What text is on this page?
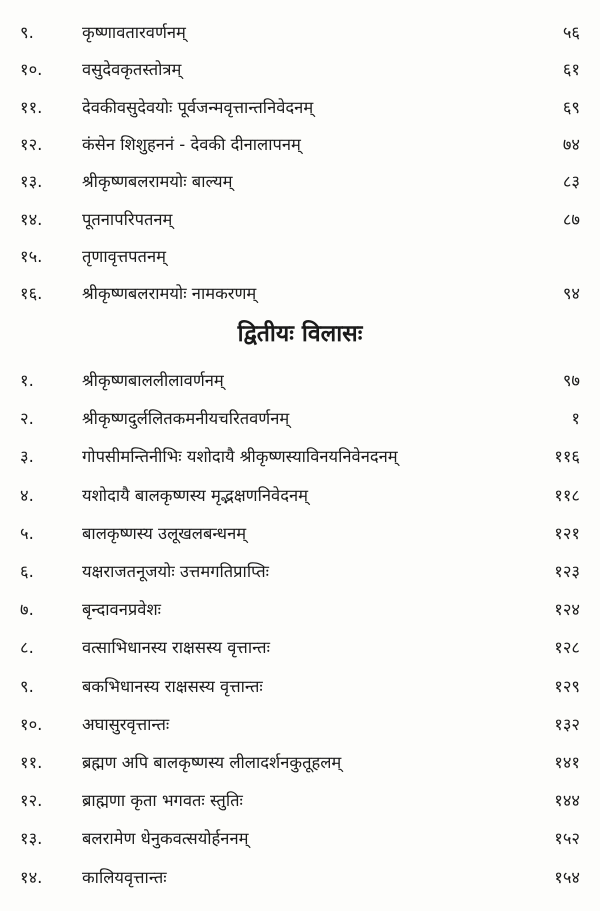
९.	कृष्णावतारवर्णनम्	५६
१०. वसुदेवकृतस्तोत्रम्	६१
११. देवकीवसुदेवयोः पूर्वजन्मवृत्तान्तनिवेदनम्	६९
१२. कंसेन शिशुहननं - देवकी दीनालापनम्	७४
१३. श्रीकृष्णबलरामयोः बाल्यम्	८३
१४. पूतनापरिपतनम्	८७
१५. तृणावृत्तपतनम्
१६. श्रीकृष्णबलरामयोः नामकरणम्	९४
द्वितीयः विलासः
१.	श्रीकृष्णबाललीलावर्णनम्	९७
२.	श्रीकृष्णदुर्ललितकमनीयचरितवर्णनम्	१
३.	गोपसीमन्तिनीभिः यशोदायै श्रीकृष्णस्याविनयनिवेनदनम्	११६
४.	यशोदायै बालकृष्णस्य मृद्भक्षणनिवेदनम्	११८
५.	बालकृष्णस्य उलूखलबन्धनम्	१२१
६.	यक्षराजतनूजयोः उत्तमगतिप्राप्तिः	१२३
७.	बृन्दावनप्रवेशः	१२४
८.	वत्साभिधानस्य राक्षसस्य वृत्तान्तः	१२८
९.	बकभिधानस्य राक्षसस्य वृत्तान्तः	१२९
१०. अघासुरवृत्तान्तः	१३२
११. ब्रह्मण अपि बालकृष्णस्य लीलादर्शनकुतूहलम्	१४१
१२. ब्राह्मणा कृता भगवतः स्तुतिः	१४४
१३. बलरामेण धेनुकवत्सयोर्हननम्	१५२
१४. कालियवृत्तान्तः	१५४
